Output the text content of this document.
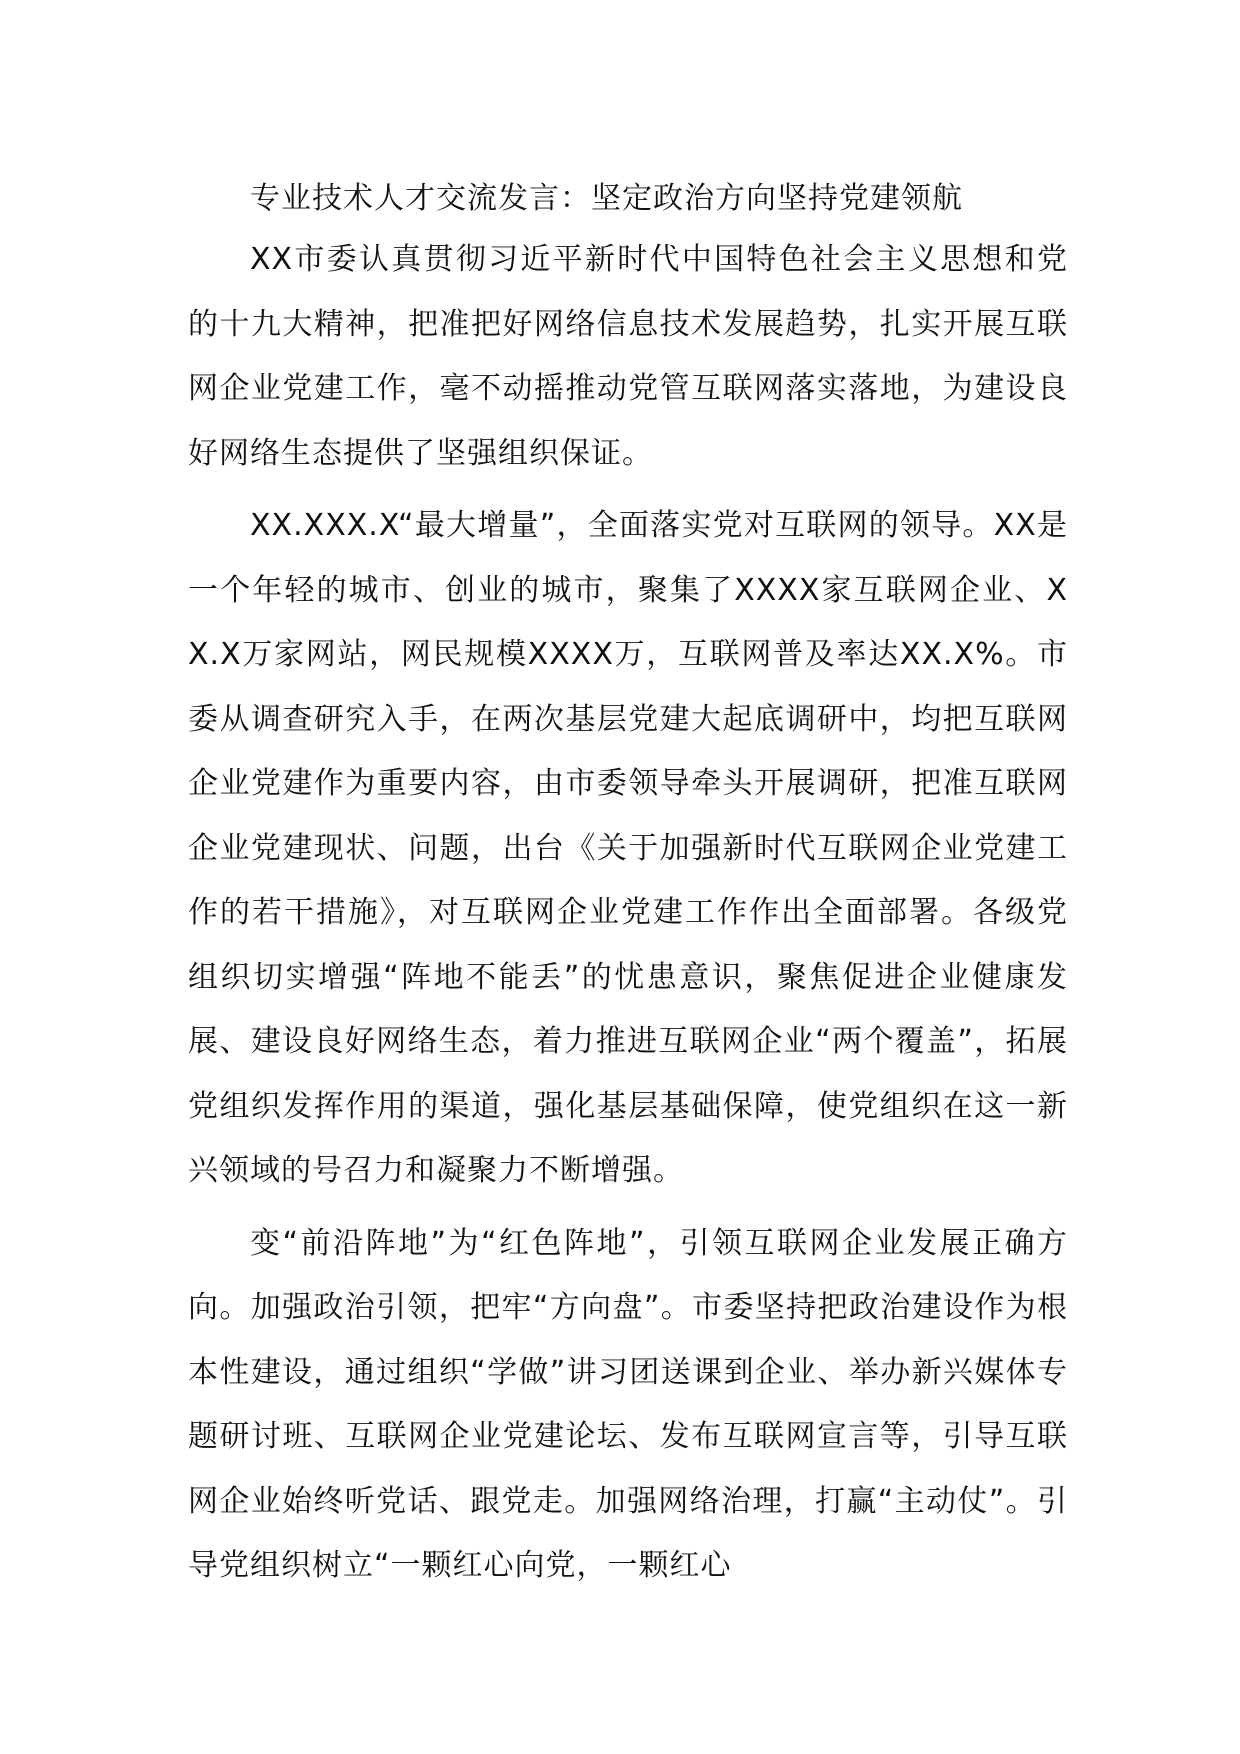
专业技术人才交流发言：坚定政治方向坚持党建领航

XX市委认真贯彻习近平新时代中国特色社会主义思想和党的十九大精神，把准把好网络信息技术发展趋势，扎实开展互联网企业党建工作，毫不动摇推动党管互联网落实落地，为建设良好网络生态提供了坚强组织保证。

XX.XXX.X“最大增量”，全面落实党对互联网的领导。XX是一个年轻的城市、创业的城市，聚集了XXXX家互联网企业、XX.X万家网站，网民规模XXXX万，互联网普及率达XX.X%。市委从调查研究入手，在两次基层党建大起底调研中，均把互联网企业党建作为重要内容，由市委领导牵头开展调研，把准互联网企业党建现状、问题，出台《关于加强新时代互联网企业党建工作的若干措施》，对互联网企业党建工作作出全面部署。各级党组织切实增强“阵地不能丢”的忧患意识，聚焦促进企业健康发展、建设良好网络生态，着力推进互联网企业“两个覆盖”，拓展党组织发挥作用的渠道，强化基层基础保障，使党组织在这一新兴领域的号召力和凝聚力不断增强。

变“前沿阵地”为“红色阵地”，引领互联网企业发展正确方向。加强政治引领，把牢“方向盘”。市委坚持把政治建设作为根本性建设，通过组织“学做”讲习团送课到企业、举办新兴媒体专题研讨班、互联网企业党建论坛、发布互联网宣言等，引导互联网企业始终听党话、跟党走。加强网络治理，打赢“主动仗”。引导党组织树立“一颗红心向党，一颗红心
